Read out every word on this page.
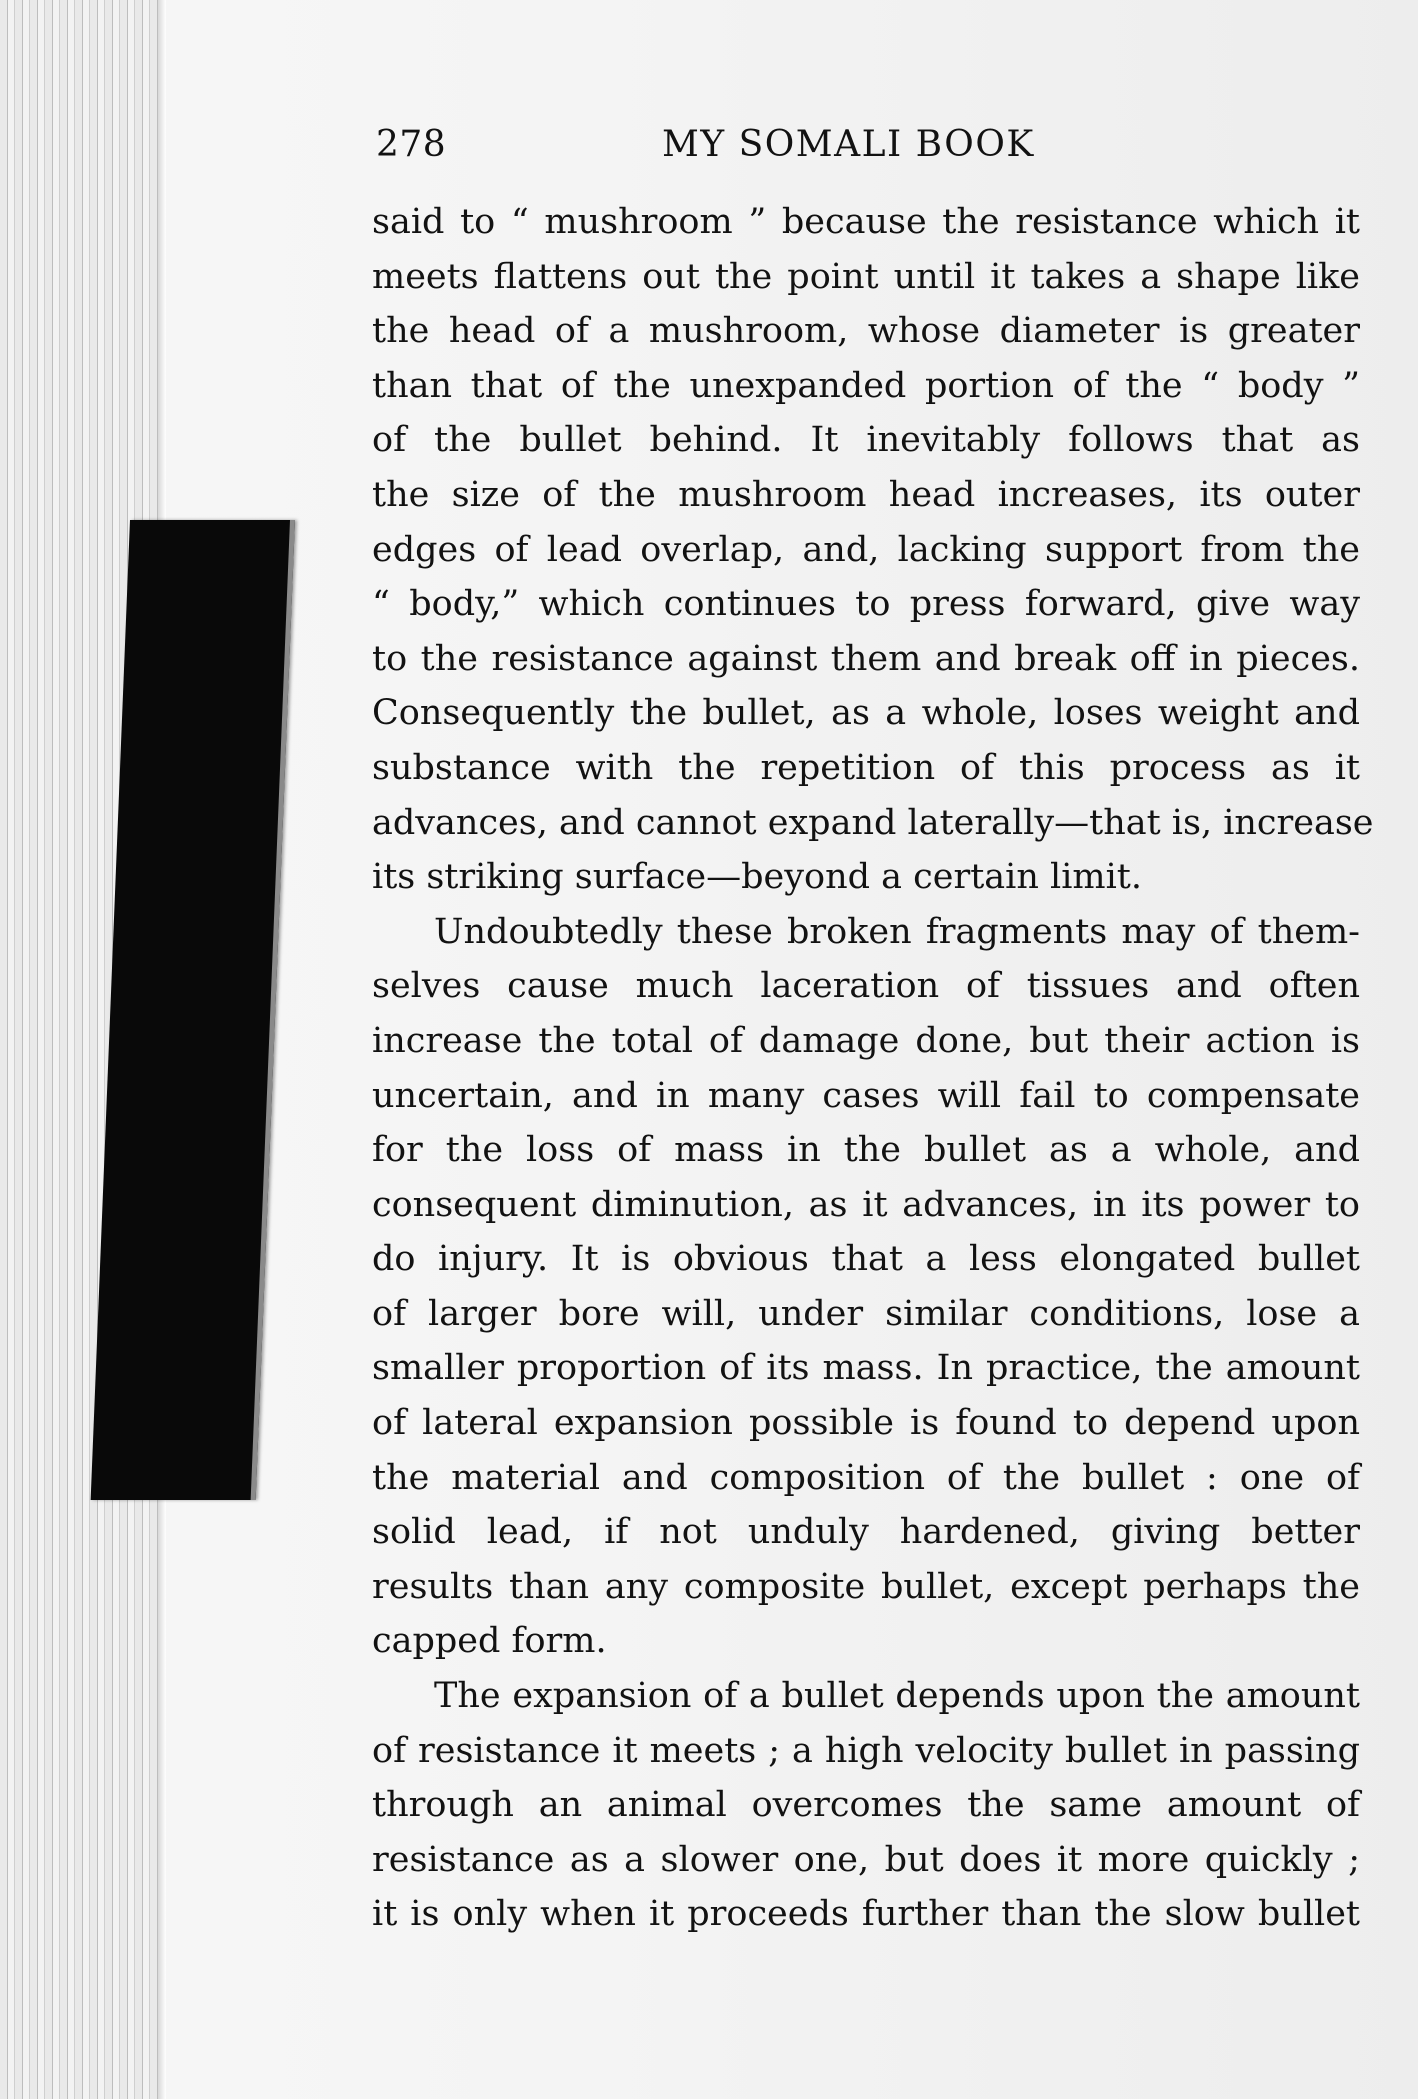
278	MY SOMALI BOOK
said to “ mushroom ” because the resistance which it
meets flattens out the point until it takes a shape like
the head of a mushroom, whose diameter is greater
than that of the unexpanded portion of the “ body ”
of the bullet behind. It inevitably follows that as
the size of the mushroom head increases, its outer
edges of lead overlap, and, lacking support from the
“ body,” which continues to press forward, give way
to the resistance against them and break off in pieces.
Consequently the bullet, as a whole, loses weight and
substance with the repetition of this process as it
advances, and cannot expand laterally—that is, increase
its striking surface—beyond a certain limit.
Undoubtedly these broken fragments may of them-
selves cause much laceration of tissues and often
increase the total of damage done, but their action is
uncertain, and in many cases will fail to compensate
for the loss of mass in the bullet as a whole, and
consequent diminution, as it advances, in its power to
do injury. It is obvious that a less elongated bullet
of larger bore will, under similar conditions, lose a
smaller proportion of its mass. In practice, the amount
of lateral expansion possible is found to depend upon
the material and composition of the bullet : one of
solid lead, if not unduly hardened, giving better
results than any composite bullet, except perhaps the
capped form.
The expansion of a bullet depends upon the amount
of resistance it meets ; a high velocity bullet in passing
through an animal overcomes the same amount of
resistance as a slower one, but does it more quickly ;
it is only when it proceeds further than the slow bullet
